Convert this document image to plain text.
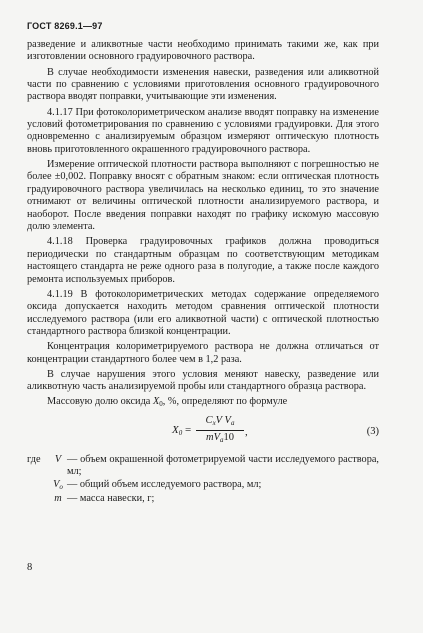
ГОСТ 8269.1—97

разведение и аликвотные части необходимо принимать такими же, как при изготовлении основного градуировочного раствора.

В случае необходимости изменения навески, разведения или аликвотной части по сравнению с условиями приготовления основного градуировочного раствора вводят поправки, учитывающие эти изменения.

4.1.17 При фотоколориметрическом анализе вводят поправку на изменение условий фотометрирования по сравнению с условиями градуировки. Для этого одновременно с анализируемым образцом измеряют оптическую плотность вновь приготовленного окрашенного градуировочного раствора.

Измерение оптической плотности раствора выполняют с погрешностью не более ±0,002. Поправку вносят с обратным знаком: если оптическая плотность градуировочного раствора увеличилась на несколько единиц, то это значение отнимают от величины оптической плотности анализируемого раствора, и наоборот. После введения поправки находят по графику искомую массовую долю элемента.

4.1.18 Проверка градуировочных графиков должна проводиться периодически по стандартным образцам по соответствующим методикам настоящего стандарта не реже одного раза в полугодие, а также после каждого ремонта используемых приборов.

4.1.19 В фотоколориметрических методах содержание определяемого оксида допускается находить методом сравнения оптической плотности исследуемого раствора (или его аликвотной части) с оптической плотностью стандартного раствора близкой концентрации.

Концентрация колориметрируемого раствора не должна отличаться от концентрации стандартного более чем в 1,2 раза.

В случае нарушения этого условия меняют навеску, разведение или аликвотную часть анализируемой пробы или стандартного образца раствора.

Массовую долю оксида $X_0$, %, определяют по формуле

$X_0$ =
$C_xV$ $V_a$
$mV_a10$	,	(3)
где	V — объем окрашенной фотометрируемой части исследуемого раствора, мл;
$V_о$ — общий объем исследуемого раствора, мл;
m — масса навески, г;
8
